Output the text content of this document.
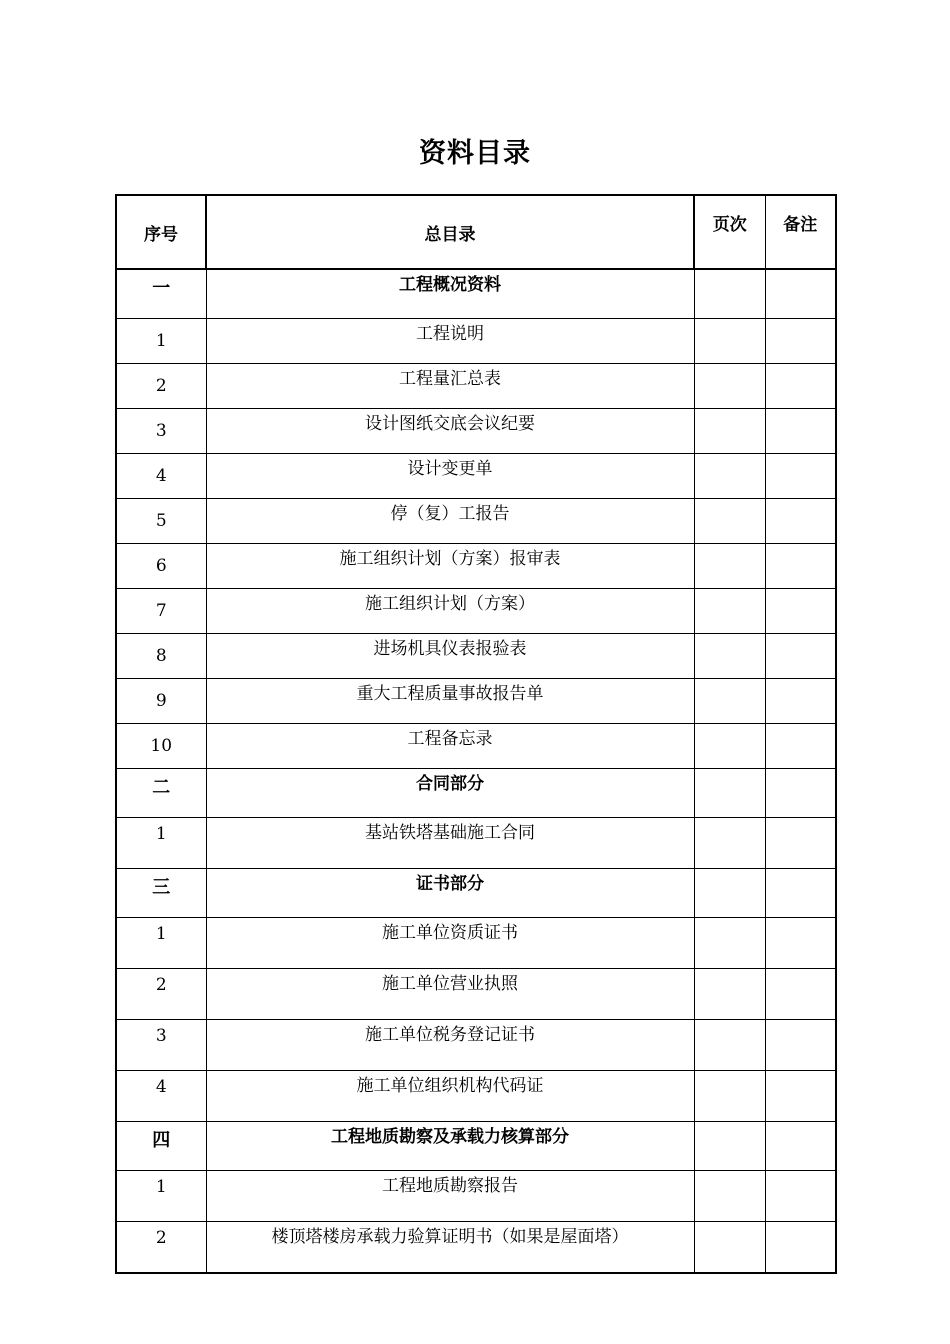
资料目录
序号	总目录	页次	备注
一	工程概况资料		
1	工程说明		
2	工程量汇总表		
3	设计图纸交底会议纪要		
4	设计变更单		
5	停（复）工报告		
6	施工组织计划（方案）报审表		
7	施工组织计划（方案）		
8	进场机具仪表报验表		
9	重大工程质量事故报告单		
10	工程备忘录		
二	合同部分		
1	基站铁塔基础施工合同		
三	证书部分		
1	施工单位资质证书		
2	施工单位营业执照		
3	施工单位税务登记证书		
4	施工单位组织机构代码证		
四	工程地质勘察及承载力核算部分		
1	工程地质勘察报告		
2	楼顶塔楼房承载力验算证明书（如果是屋面塔）		
